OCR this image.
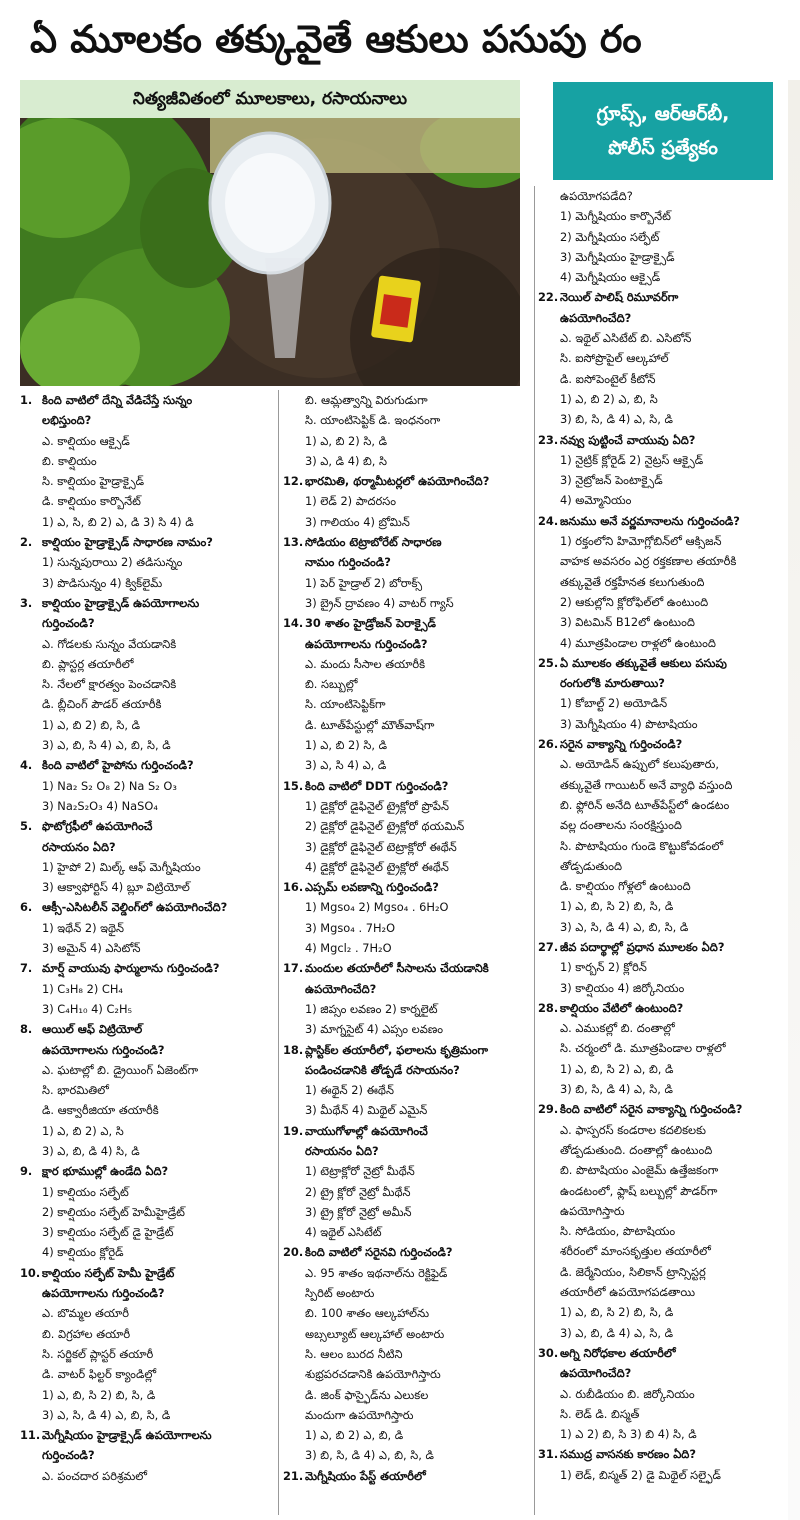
ఏ మూలకం తక్కువైతే ఆకులు పసుపు రం
నిత్యజీవితంలో మూలకాలు, రసాయనాలు
గ్రూప్స్, ఆర్‌ఆర్‌బీ,
పోలీస్ ప్రత్యేకం
1. కింది వాటిలో దేన్ని వేడిచేస్తే సున్నం
లభిస్తుంది?
ఎ. కాల్షియం ఆక్సైడ్
బి. కాల్షియం
సి. కాల్షియం హైడ్రాక్సైడ్
డి. కాల్షియం కార్బొనేట్
1) ఎ, సి, బి 2) ఎ, డి 3) సి 4) డి
2. కాల్షియం హైడ్రాక్సైడ్ సాధారణ నామం?
1) సున్నపురాయి 2) తడిసున్నం
3) పొడిసున్నం 4) క్విక్‌లైమ్
3. కాల్షియం హైడ్రాక్సైడ్ ఉపయోగాలను
గుర్తించండి?
ఎ. గోడలకు సున్నం వేయడానికి
బి. ప్లాస్టర్ల తయారీలో
సి. నేలలో క్షారత్వం పెంచడానికి
డి. బ్లీచింగ్ పౌడర్ తయారీకి
1) ఎ, బి 2) బి, సి, డి
3) ఎ, బి, సి 4) ఎ, బి, సి, డి
4. కింది వాటిలో హైపోను గుర్తించండి?
1) Na₂ S₂ O₈ 2) Na S₂ O₃
3) Na₂S₂O₃ 4) NaSO₄
5. ఫొటోగ్రఫీలో ఉపయోగించే
రసాయనం ఏది?
1) హైపో 2) మిల్క్ ఆఫ్ మెగ్నీషియం
3) ఆక్వాఫోర్టిస్ 4) బ్లూ విట్రియోల్
6. ఆక్సీ-ఎసిటలీన్ వెల్డింగ్‌లో ఉపయోగించేది?
1) ఇథేన్ 2) ఇథైన్
3) అమైన్ 4) ఎసిటోన్
7. మార్ష్ వాయువు ఫార్ములాను గుర్తించండి?
1) C₃H₈ 2) CH₄
3) C₄H₁₀ 4) C₂H₅
8. ఆయిల్ ఆఫ్ విట్రియోల్
ఉపయోగాలను గుర్తించండి?
ఎ. ఘటాల్లో బి. డ్రైయింగ్ ఏజెంట్‌గా
సి. భారమితిలో
డి. ఆక్వారీజియా తయారీకి
1) ఎ, బి 2) ఎ, సి
3) ఎ, బి, డి 4) సి, డి
9. క్షార భూముల్లో ఉండేది ఏది?
1) కాల్షియం సల్ఫేట్
2) కాల్షియం సల్ఫేట్ హెమీహైడ్రేట్
3) కాల్షియం సల్ఫేట్ డై హైడ్రేట్
4) కాల్షియం క్లోరైడ్
10. కాల్షియం సల్ఫేట్ హెమీ హైడ్రేట్
ఉపయోగాలను గుర్తించండి?
ఎ. బొమ్మల తయారీ
బి. విగ్రహాల తయారీ
సి. సర్జికల్ ప్లాస్టర్ తయారీ
డి. వాటర్ ఫిల్టర్ క్యాండిల్లో
1) ఎ, బి, సి 2) బి, సి, డి
3) ఎ, సి, డి 4) ఎ, బి, సి, డి
11. మెగ్నీషియం హైడ్రాక్సైడ్ ఉపయోగాలను
గుర్తించండి?
ఎ. పంచదార పరిశ్రమలో
బి. ఆమ్లత్వాన్ని విరుగుడుగా
సి. యాంటిసెప్టిక్ డి. ఇంధనంగా
1) ఎ, బి 2) సి, డి
3) ఎ, డి 4) బి, సి
12. భారమితి, థర్మామీటర్లలో ఉపయోగించేది?
1) లెడ్ 2) పాదరసం
3) గాలియం 4) బ్రోమిన్
13. సోడియం టెట్రాబోరేట్ సాధారణ
నామం గుర్తించండి?
1) పెర్ హైడ్రాల్ 2) బోరాక్స్
3) బ్రైన్ ద్రావణం 4) వాటర్ గ్యాస్
14. 30 శాతం హైడ్రోజన్ పెరాక్సైడ్
ఉపయోగాలను గుర్తించండి?
ఎ. మందు సీసాల తయారీకి
బి. సబ్బుల్లో
సి. యాంటిసెప్టిక్‌గా
డి. టూత్‌పేస్టుల్లో మౌత్‌వాష్‌గా
1) ఎ, బి 2) సి, డి
3) ఎ, సి 4) ఎ, డి
15. కింది వాటిలో DDT గుర్తించండి?
1) డైక్లోరో డైఫినైల్ ట్రైక్లోరో ప్రొపేన్
2) డైక్లోరో డైఫినైల్ ట్రైక్లోరో థయమిన్
3) డైక్లోరో డైఫినైల్ టెట్రాక్లోరో ఈథేన్
4) డైక్లోరో డైఫినైల్ ట్రైక్లోరో ఈథేన్
16. ఎప్సమ్ లవణాన్ని గుర్తించండి?
1) Mgso₄ 2) Mgso₄ . 6H₂O
3) Mgso₄ . 7H₂O
4) Mgcl₂ . 7H₂O
17. మందుల తయారీలో సీసాలను చేయడానికి
ఉపయోగించేది?
1) జిప్సం లవణం 2) కార్నలైట్
3) మాగ్నసైట్ 4) ఎప్సం లవణం
18. ప్లాస్టిక్‌ల తయారీలో, ఫలాలను కృత్రిమంగా
పండించడానికి తోడ్పడే రసాయనం?
1) ఈథైన్ 2) ఈథేన్
3) మీథేన్ 4) మిథైల్ ఎమైన్
19. వాయుగోళాల్లో ఉపయోగించే
రసాయనం ఏది?
1) టెట్రాక్లోరో నైట్రో మీథేన్
2) ట్రై క్లోరో నైట్రో మీథేన్
3) ట్రై క్లోరో నైట్రో అమీన్
4) ఇథైల్ ఎసిటేట్
20. కింది వాటిలో సరైనవి గుర్తించండి?
ఎ. 95 శాతం ఇథనాల్‌ను రెక్టిఫైడ్
స్పిరిట్ అంటారు
బి. 100 శాతం ఆల్కహాల్‌ను
అబ్సల్యూట్ ఆల్కహాల్ అంటారు
సి. ఆలం బురద నీటిని
శుభ్రపరచడానికి ఉపయోగిస్తారు
డి. జింక్ ఫాస్ఫైడ్‌ను ఎలుకల
మందుగా ఉపయోగిస్తారు
1) ఎ, బి 2) ఎ, బి, డి
3) బి, సి, డి 4) ఎ, బి, సి, డి
21. మెగ్నీషియం పేస్ట్ తయారీలో
ఉపయోగపడేది?
1) మెగ్నీషియం కార్బొనేట్
2) మెగ్నీషియం సల్ఫేట్
3) మెగ్నీషియం హైడ్రాక్సైడ్
4) మెగ్నీషియం ఆక్సైడ్
22. నెయిల్ పాలిష్ రిమూవర్‌గా
ఉపయోగించేది?
ఎ. ఇథైల్ ఎసిటేట్ బి. ఎసిటోన్
సి. ఐసోప్రొపైల్ ఆల్కహాల్
డి. ఐసోపెంటైల్ కీటోన్
1) ఎ, బి 2) ఎ, బి, సి
3) బి, సి, డి 4) ఎ, సి, డి
23. నవ్వు పుట్టించే వాయువు ఏది?
1) నైట్రిక్ క్లోరైడ్ 2) నైట్రస్ ఆక్సైడ్
3) నైట్రోజన్ పెంటాక్సైడ్
4) అమ్మోనియం
24. జనుము అనే వర్ణమానాలను గుర్తించండి?
1) రక్తంలోని హిమోగ్లోబిన్‌లో ఆక్సిజన్
వాహక అవసరం ఎర్ర రక్తకణాల తయారీకి
తక్కువైతే రక్తహీనత కలుగుతుంది
2) ఆకుల్లోని క్లోరోఫిల్‌లో ఉంటుంది
3) విటమిన్ B12లో ఉంటుంది
4) మూత్రపిండాల రాళ్లలో ఉంటుంది
25. ఏ మూలకం తక్కువైతే ఆకులు పసుపు
రంగులోకి మారుతాయి?
1) కోబాల్ట్ 2) అయోడిన్
3) మెగ్నీషియం 4) పొటాషియం
26. సరైన వాక్యాన్ని గుర్తించండి?
ఎ. అయోడిన్ ఉప్పులో కలుపుతారు,
తక్కువైతే గాయిటర్ అనే వ్యాధి వస్తుంది
బి. ఫ్లోరిన్ అనేది టూత్‌పేస్ట్‌లో ఉండటం
వల్ల దంతాలను సంరక్షిస్తుంది
సి. పొటాషియం గుండె కొట్టుకోవడంలో
తోడ్పడుతుంది
డి. కాల్షియం గోళ్లలో ఉంటుంది
1) ఎ, బి, సి 2) బి, సి, డి
3) ఎ, సి, డి 4) ఎ, బి, సి, డి
27. జీవ పదార్థాల్లో ప్రధాన మూలకం ఏది?
1) కార్బన్ 2) క్లోరిన్
3) కాల్షియం 4) జిర్కోనియం
28. కాల్షియం వేటిలో ఉంటుంది?
ఎ. ఎముకల్లో బి. దంతాల్లో
సి. చర్మంలో డి. మూత్రపిండాల రాళ్లలో
1) ఎ, బి, సి 2) ఎ, బి, డి
3) బి, సి, డి 4) ఎ, సి, డి
29. కింది వాటిలో సరైన వాక్యాన్ని గుర్తించండి?
ఎ. ఫాస్పరస్ కండరాల కదలికలకు
తోడ్పడుతుంది. దంతాల్లో ఉంటుంది
బి. పొటాషియం ఎంజైమ్ ఉత్తేజకంగా
ఉండటంలో, ఫ్లాష్ బల్బుల్లో పౌడర్‌గా
ఉపయోగిస్తారు
సి. సోడియం, పొటాషియం
శరీరంలో మాంసకృత్తుల తయారీలో
డి. జెర్మేనియం, సిలికాన్ ట్రాన్సిస్టర్ల
తయారీలో ఉపయోగపడతాయి
1) ఎ, బి, సి 2) బి, సి, డి
3) ఎ, బి, డి 4) ఎ, సి, డి
30. అగ్ని నిరోధకాల తయారీలో
ఉపయోగించేది?
ఎ. రుబీడియం బి. జిర్కోనియం
సి. లెడ్ డి. బిస్మత్
1) ఎ 2) బి, సి 3) బి 4) సి, డి
31. సముద్ర వాసనకు కారణం ఏది?
1) లెడ్, బిస్మత్ 2) డై మిథైల్ సల్ఫైడ్
